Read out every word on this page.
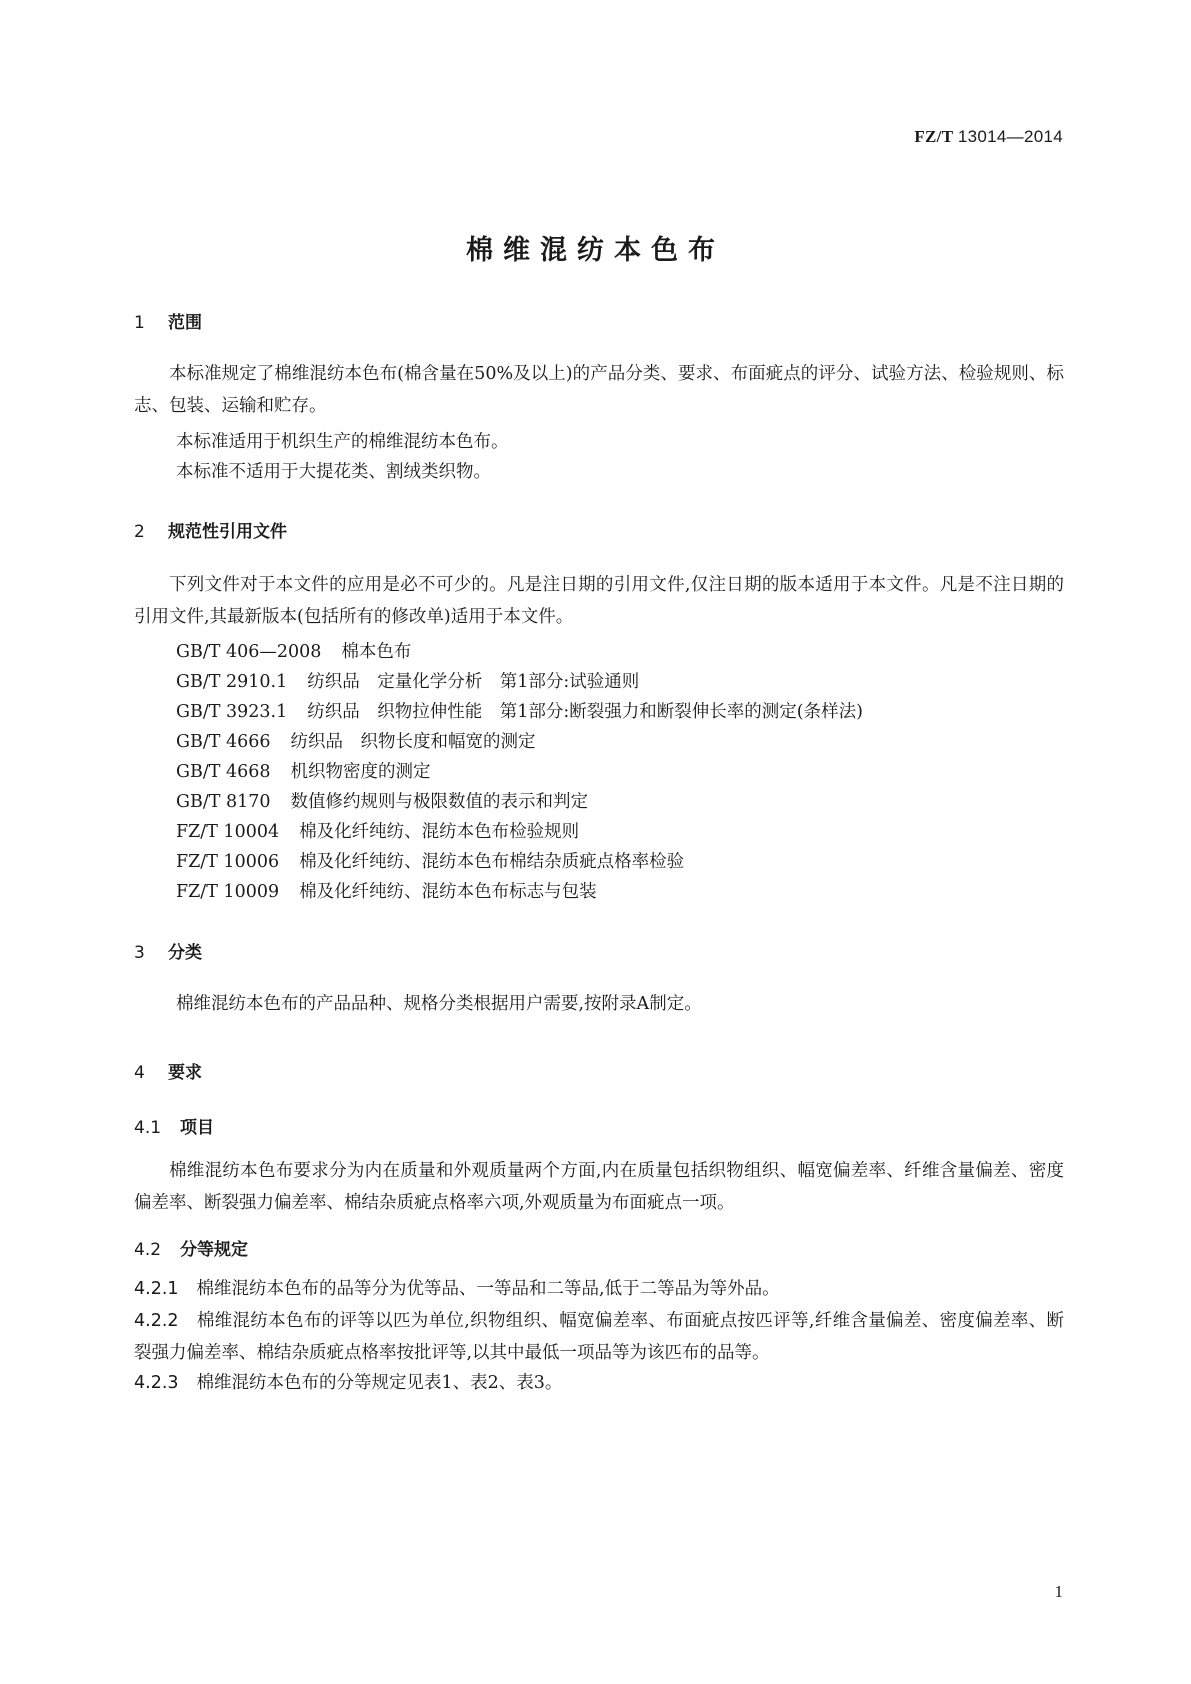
FZ/T 13014—2014
棉维混纺本色布
1 范围
本标准规定了棉维混纺本色布(棉含量在50%及以上)的产品分类、要求、布面疵点的评分、试验方法、检验规则、标志、包装、运输和贮存。
本标准适用于机织生产的棉维混纺本色布。
本标准不适用于大提花类、割绒类织物。
2 规范性引用文件
下列文件对于本文件的应用是必不可少的。凡是注日期的引用文件,仅注日期的版本适用于本文件。凡是不注日期的引用文件,其最新版本(包括所有的修改单)适用于本文件。
GB/T 406—2008 棉本色布
GB/T 2910.1 纺织品　定量化学分析　第1部分:试验通则
GB/T 3923.1 纺织品　织物拉伸性能　第1部分:断裂强力和断裂伸长率的测定(条样法)
GB/T 4666 纺织品　织物长度和幅宽的测定
GB/T 4668 机织物密度的测定
GB/T 8170 数值修约规则与极限数值的表示和判定
FZ/T 10004 棉及化纤纯纺、混纺本色布检验规则
FZ/T 10006 棉及化纤纯纺、混纺本色布棉结杂质疵点格率检验
FZ/T 10009 棉及化纤纯纺、混纺本色布标志与包装
3 分类
棉维混纺本色布的产品品种、规格分类根据用户需要,按附录A制定。
4 要求
4.1 项目
棉维混纺本色布要求分为内在质量和外观质量两个方面,内在质量包括织物组织、幅宽偏差率、纤维含量偏差、密度偏差率、断裂强力偏差率、棉结杂质疵点格率六项,外观质量为布面疵点一项。
4.2 分等规定
4.2.1 棉维混纺本色布的品等分为优等品、一等品和二等品,低于二等品为等外品。
4.2.2 棉维混纺本色布的评等以匹为单位,织物组织、幅宽偏差率、布面疵点按匹评等,纤维含量偏差、密度偏差率、断裂强力偏差率、棉结杂质疵点格率按批评等,以其中最低一项品等为该匹布的品等。
4.2.3 棉维混纺本色布的分等规定见表1、表2、表3。
1
